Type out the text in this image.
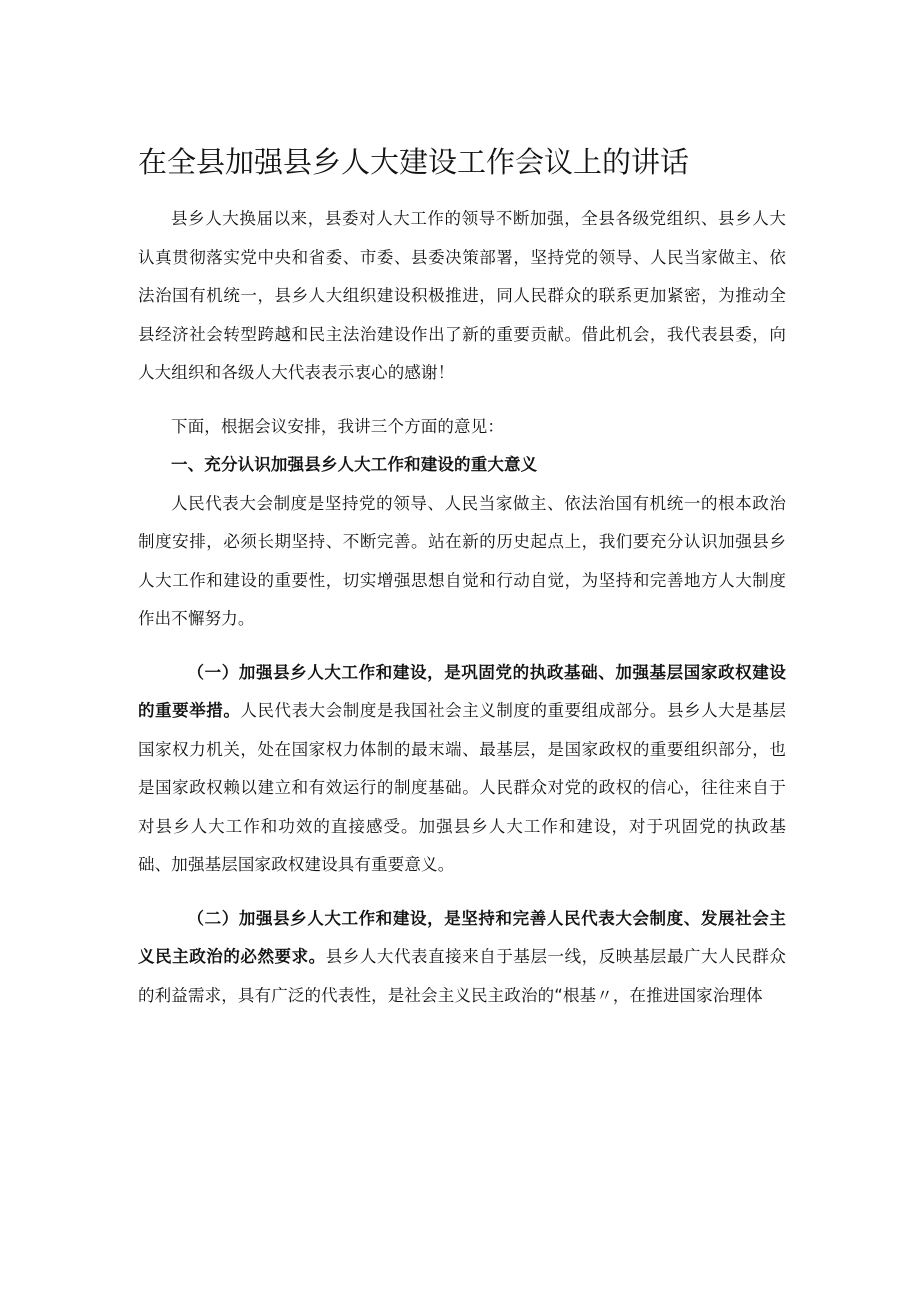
在全县加强县乡人大建设工作会议上的讲话

县乡人大换届以来，县委对人大工作的领导不断加强，全县各级党组织、县乡人大认真贯彻落实党中央和省委、市委、县委决策部署，坚持党的领导、人民当家做主、依法治国有机统一，县乡人大组织建设积极推进，同人民群众的联系更加紧密，为推动全县经济社会转型跨越和民主法治建设作出了新的重要贡献。借此机会，我代表县委，向人大组织和各级人大代表表示衷心的感谢！

下面，根据会议安排，我讲三个方面的意见：

一、充分认识加强县乡人大工作和建设的重大意义

人民代表大会制度是坚持党的领导、人民当家做主、依法治国有机统一的根本政治制度安排，必须长期坚持、不断完善。站在新的历史起点上，我们要充分认识加强县乡人大工作和建设的重要性，切实增强思想自觉和行动自觉，为坚持和完善地方人大制度作出不懈努力。

（一）加强县乡人大工作和建设，是巩固党的执政基础、加强基层国家政权建设的重要举措。人民代表大会制度是我国社会主义制度的重要组成部分。县乡人大是基层国家权力机关，处在国家权力体制的最末端、最基层，是国家政权的重要组织部分，也是国家政权赖以建立和有效运行的制度基础。人民群众对党的政权的信心，往往来自于对县乡人大工作和功效的直接感受。加强县乡人大工作和建设，对于巩固党的执政基础、加强基层国家政权建设具有重要意义。

（二）加强县乡人大工作和建设，是坚持和完善人民代表大会制度、发展社会主义民主政治的必然要求。县乡人大代表直接来自于基层一线，反映基层最广大人民群众的利益需求，具有广泛的代表性，是社会主义民主政治的“根基〃，在推进国家治理体
